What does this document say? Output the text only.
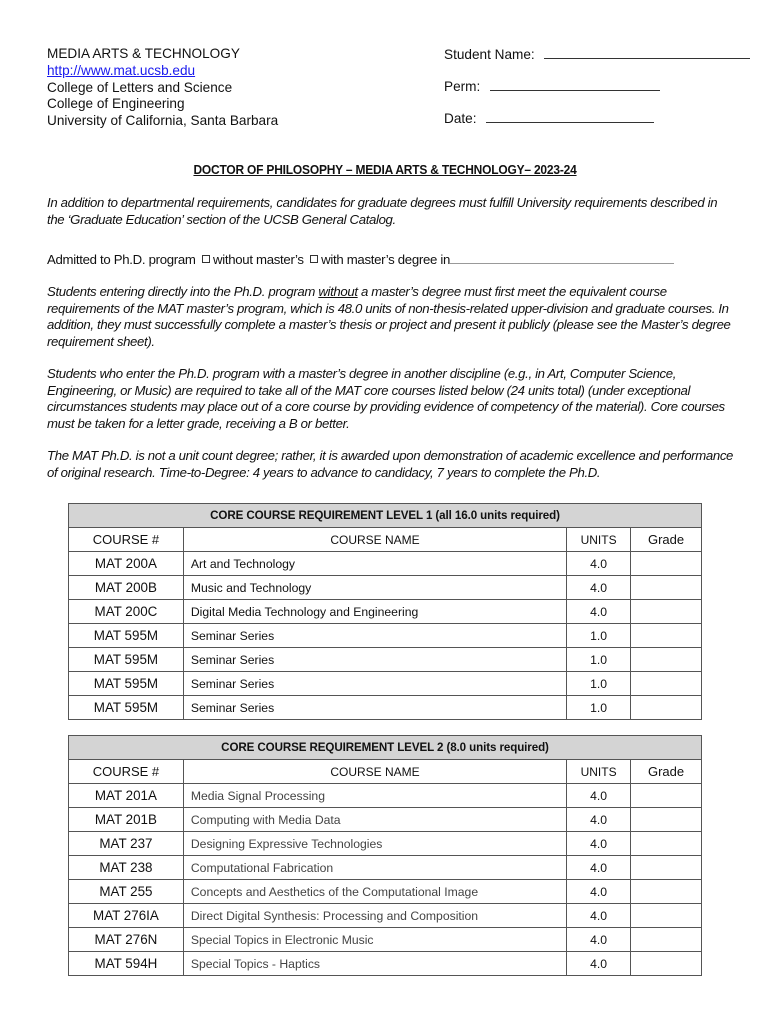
MEDIA ARTS & TECHNOLOGY
http://www.mat.ucsb.edu
College of Letters and Science
College of Engineering
University of California, Santa Barbara
Student Name:
Perm:
Date:
DOCTOR OF PHILOSOPHY – MEDIA ARTS & TECHNOLOGY– 2023-24
In addition to departmental requirements, candidates for graduate degrees must fulfill University requirements described in the ‘Graduate Education’ section of the UCSB General Catalog.
Admitted to Ph.D. program without master’s with master’s degree in
Students entering directly into the Ph.D. program without a master’s degree must first meet the equivalent course requirements of the MAT master’s program, which is 48.0 units of non-thesis-related upper-division and graduate courses. In addition, they must successfully complete a master’s thesis or project and present it publicly (please see the Master’s degree requirement sheet).
Students who enter the Ph.D. program with a master’s degree in another discipline (e.g., in Art, Computer Science, Engineering, or Music) are required to take all of the MAT core courses listed below (24 units total) (under exceptional circumstances students may place out of a core course by providing evidence of competency of the material). Core courses must be taken for a letter grade, receiving a B or better.
The MAT Ph.D. is not a unit count degree; rather, it is awarded upon demonstration of academic excellence and performance of original research. Time-to-Degree: 4 years to advance to candidacy, 7 years to complete the Ph.D.
CORE COURSE REQUIREMENT LEVEL 1 (all 16.0 units required)			
COURSE #	COURSE NAME	UNITS	Grade
MAT 200A	Art and Technology	4.0	
MAT 200B	Music and Technology	4.0	
MAT 200C	Digital Media Technology and Engineering	4.0	
MAT 595M	Seminar Series	1.0	
MAT 595M	Seminar Series	1.0	
MAT 595M	Seminar Series	1.0	
MAT 595M	Seminar Series	1.0	
CORE COURSE REQUIREMENT LEVEL 2 (8.0 units required)			
COURSE #	COURSE NAME	UNITS	Grade
MAT 201A	Media Signal Processing	4.0	
MAT 201B	Computing with Media Data	4.0	
MAT 237	Designing Expressive Technologies	4.0	
MAT 238	Computational Fabrication	4.0	
MAT 255	Concepts and Aesthetics of the Computational Image	4.0	
MAT 276IA	Direct Digital Synthesis: Processing and Composition	4.0	
MAT 276N	Special Topics in Electronic Music	4.0	
MAT 594H	Special Topics - Haptics	4.0	
